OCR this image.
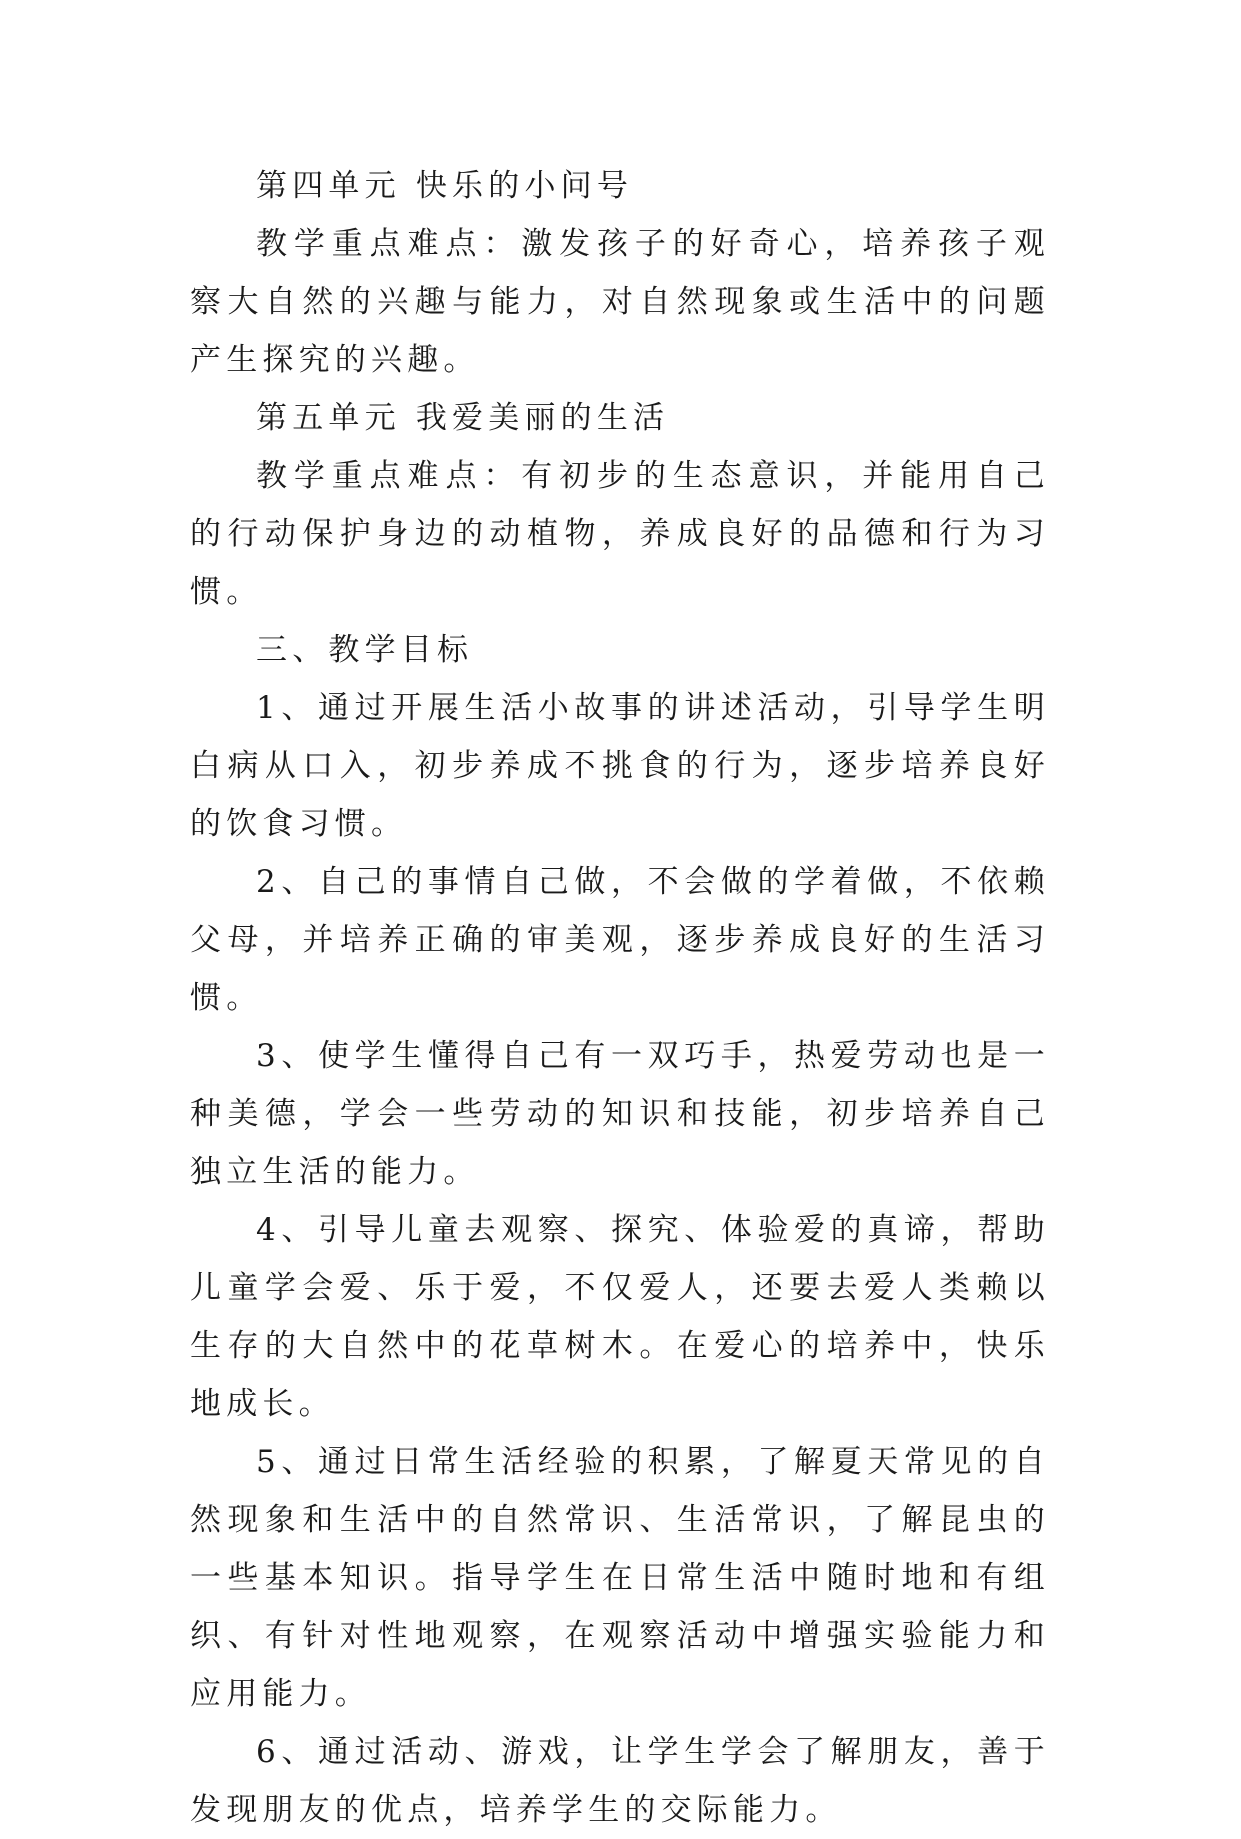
第四单元 快乐的小问号

教学重点难点：激发孩子的好奇心，培养孩子观察大自然的兴趣与能力，对自然现象或生活中的问题产生探究的兴趣。

第五单元 我爱美丽的生活

教学重点难点：有初步的生态意识，并能用自己的行动保护身边的动植物，养成良好的品德和行为习惯。

三、教学目标

1、通过开展生活小故事的讲述活动，引导学生明白病从口入，初步养成不挑食的行为，逐步培养良好的饮食习惯。

2、自己的事情自己做，不会做的学着做，不依赖父母，并培养正确的审美观，逐步养成良好的生活习惯。

3、使学生懂得自己有一双巧手，热爱劳动也是一种美德，学会一些劳动的知识和技能，初步培养自己独立生活的能力。

4、引导儿童去观察、探究、体验爱的真谛，帮助儿童学会爱、乐于爱，不仅爱人，还要去爱人类赖以生存的大自然中的花草树木。在爱心的培养中，快乐地成长。

5、通过日常生活经验的积累，了解夏天常见的自然现象和生活中的自然常识、生活常识，了解昆虫的一些基本知识。指导学生在日常生活中随时地和有组织、有针对性地观察，在观察活动中增强实验能力和应用能力。

6、通过活动、游戏，让学生学会了解朋友，善于发现朋友的优点，培养学生的交际能力。
